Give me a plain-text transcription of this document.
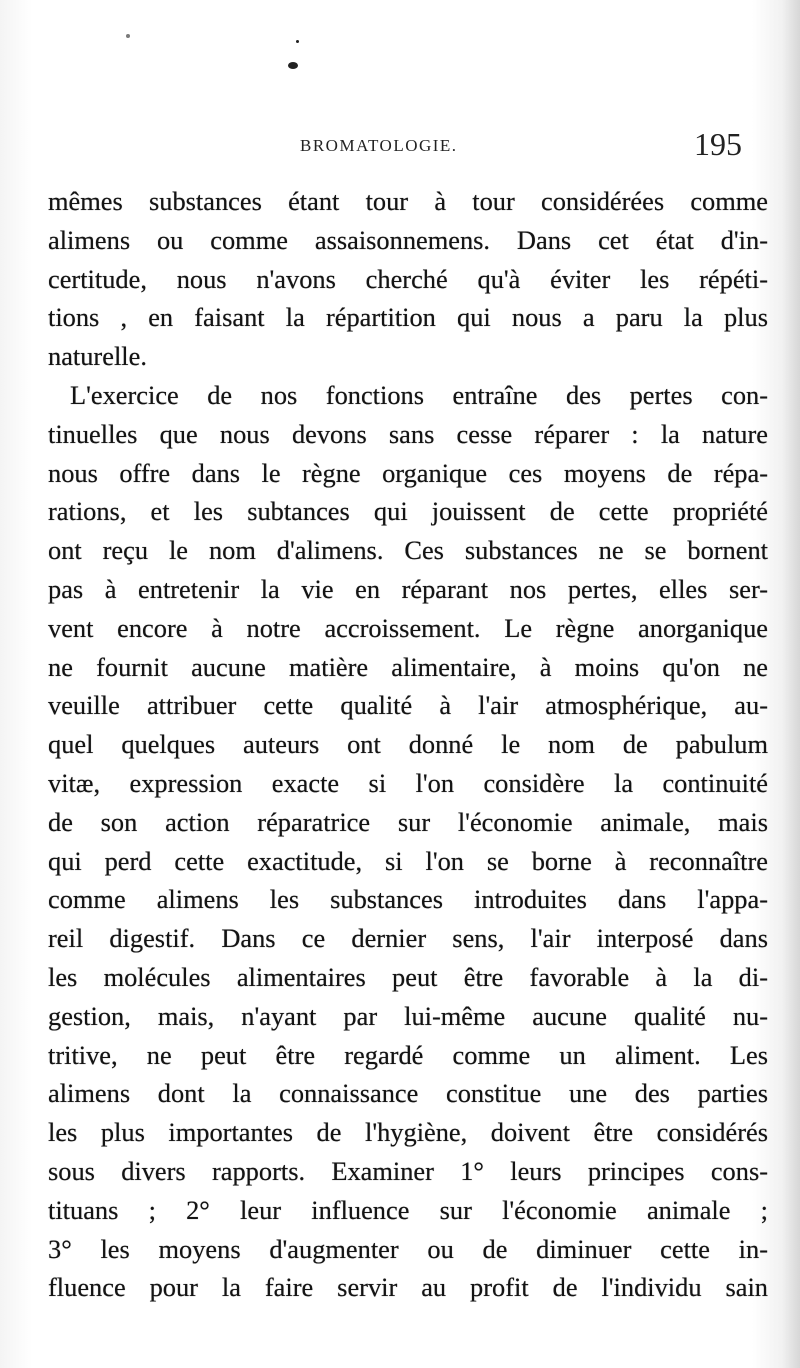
BROMATOLOGIE.	195
mêmes substances étant tour à tour considérées comme
alimens ou comme assaisonnemens. Dans cet état d'in-
certitude, nous n'avons cherché qu'à éviter les répéti-
tions , en faisant la répartition qui nous a paru la plus
naturelle.
L'exercice de nos fonctions entraîne des pertes con-
tinuelles que nous devons sans cesse réparer : la nature
nous offre dans le règne organique ces moyens de répa-
rations, et les subtances qui jouissent de cette propriété
ont reçu le nom d'alimens. Ces substances ne se bornent
pas à entretenir la vie en réparant nos pertes, elles ser-
vent encore à notre accroissement. Le règne anorganique
ne fournit aucune matière alimentaire, à moins qu'on ne
veuille attribuer cette qualité à l'air atmosphérique, au-
quel quelques auteurs ont donné le nom de pabulum
vitæ, expression exacte si l'on considère la continuité
de son action réparatrice sur l'économie animale, mais
qui perd cette exactitude, si l'on se borne à reconnaître
comme alimens les substances introduites dans l'appa-
reil digestif. Dans ce dernier sens, l'air interposé dans
les molécules alimentaires peut être favorable à la di-
gestion, mais, n'ayant par lui-même aucune qualité nu-
tritive, ne peut être regardé comme un aliment. Les
alimens dont la connaissance constitue une des parties
les plus importantes de l'hygiène, doivent être considérés
sous divers rapports. Examiner 1° leurs principes cons-
tituans ; 2° leur influence sur l'économie animale ;
3° les moyens d'augmenter ou de diminuer cette in-
fluence pour la faire servir au profit de l'individu sain
